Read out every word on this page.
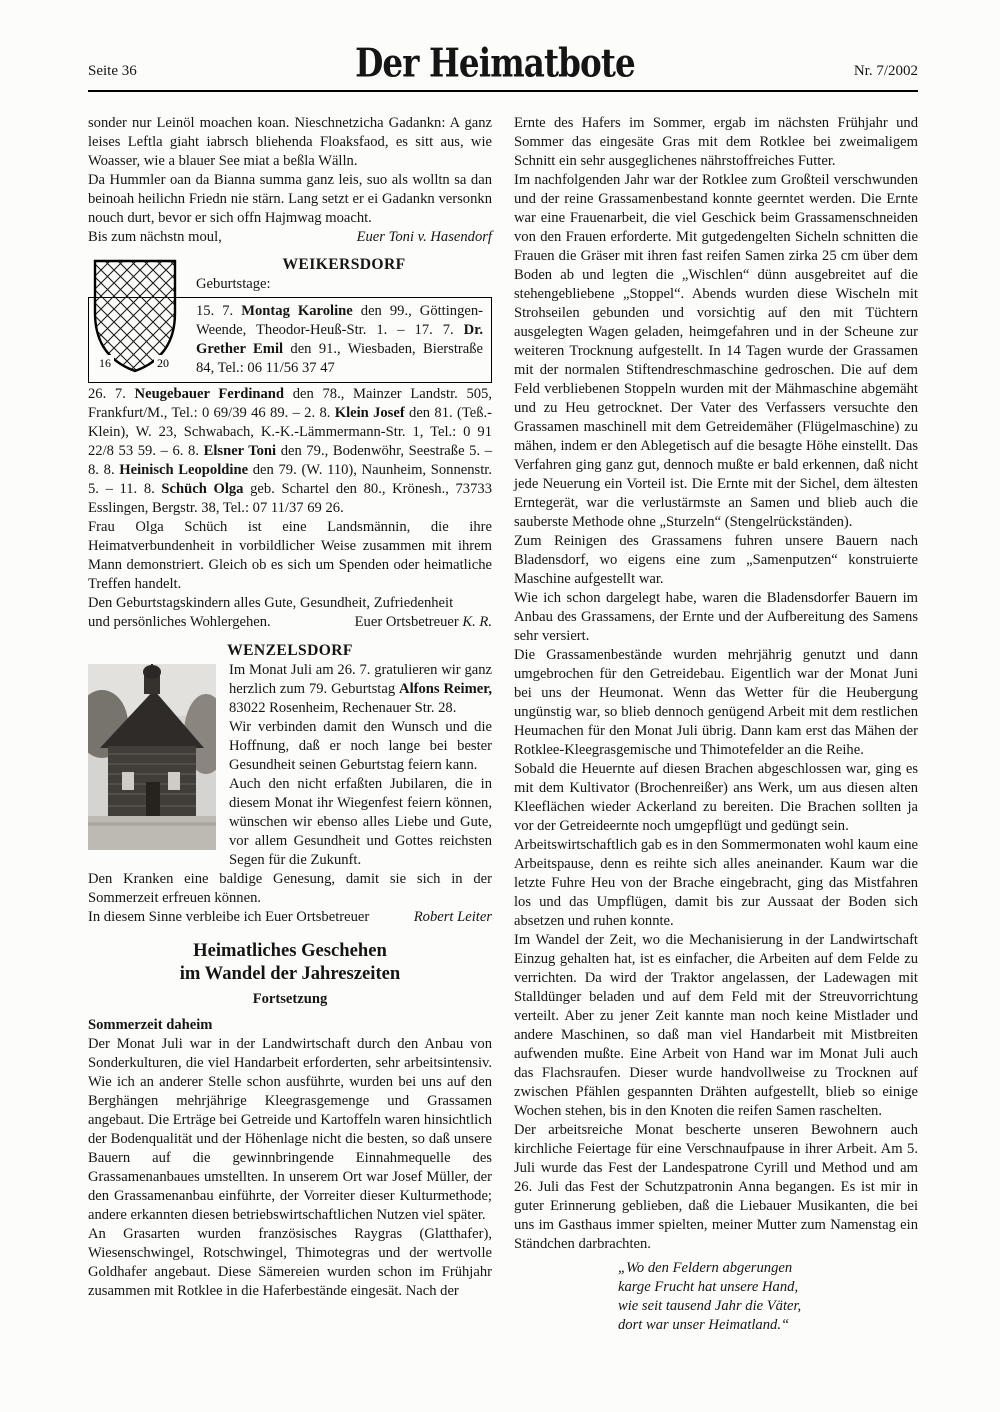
Seite 36	Der Heimatbote	Nr. 7/2002

sonder nur Leinöl moachen koan. Nieschnetzicha Gadankn: A ganz leises Leftla giaht iabrsch bliehenda Floaksfaod, es sitt aus, wie Woasser, wie a blauer See miat a beßla Wälln.

Da Hummler oan da Bianna summa ganz leis, suo als wolltn sa dan beinoah heilichn Friedn nie stärn. Lang setzt er ei Gadankn versonkn nouch durt, bevor er sich offn Hajmwag moacht.

Bis zum nächstn moul,	Euer Toni v. Hasendorf
16	20
WEIKERSDORF
Geburtstage:
15. 7. Montag Karoline den 99., Göttingen-Weende, Theodor-Heuß-Str. 1. – 17. 7. Dr. Grether Emil den 91., Wiesbaden, Bierstraße 84, Tel.: 06 11/56 37 47

26. 7. Neugebauer Ferdinand den 78., Mainzer Landstr. 505, Frankfurt/M., Tel.: 0 69/39 46 89. – 2. 8. Klein Josef den 81. (Teß.-Klein), W. 23, Schwabach, K.-K.-Lämmermann-Str. 1, Tel.: 0 91 22/8 53 59. – 6. 8. Elsner Toni den 79., Bodenwöhr, Seestraße 5. – 8. 8. Heinisch Leopoldine den 79. (W. 110), Naunheim, Sonnenstr. 5. – 11. 8. Schüch Olga geb. Schartel den 80., Krönesh., 73733 Esslingen, Bergstr. 38, Tel.: 07 11/37 69 26.

Frau Olga Schüch ist eine Landsmännin, die ihre Heimatverbundenheit in vorbildlicher Weise zusammen mit ihrem Mann demonstriert. Gleich ob es sich um Spenden oder heimatliche Treffen handelt.

Den Geburtstagskindern alles Gute, Gesundheit, Zufriedenheit

und persönliches Wohlergehen.	Euer Ortsbetreuer K. R.
WENZELSDORF

Im Monat Juli am 26. 7. gratulieren wir ganz herzlich zum 79. Geburtstag Alfons Reimer, 83022 Rosenheim, Rechenauer Str. 28.

Wir verbinden damit den Wunsch und die Hoffnung, daß er noch lange bei bester Gesundheit seinen Geburtstag feiern kann.

Auch den nicht erfaßten Jubilaren, die in diesem Monat ihr Wiegenfest feiern können, wünschen wir ebenso alles Liebe und Gute, vor allem Gesundheit und Gottes reichsten Segen für die Zukunft.

Den Kranken eine baldige Genesung, damit sie sich in der Sommerzeit erfreuen können.

In diesem Sinne verbleibe ich Euer Ortsbetreuer	Robert Leiter
Heimatliches Geschehen
im Wandel der Jahreszeiten
Fortsetzung
Sommerzeit daheim

Der Monat Juli war in der Landwirtschaft durch den Anbau von Sonderkulturen, die viel Handarbeit erforderten, sehr arbeitsintensiv. Wie ich an anderer Stelle schon ausführte, wurden bei uns auf den Berghängen mehrjährige Kleegrasgemenge und Grassamen angebaut. Die Erträge bei Getreide und Kartoffeln waren hinsichtlich der Bodenqualität und der Höhenlage nicht die besten, so daß unsere Bauern auf die gewinnbringende Einnahmequelle des Grassamenanbaues umstellten. In unserem Ort war Josef Müller, der den Grassamenanbau einführte, der Vorreiter dieser Kulturmethode; andere erkannten diesen betriebswirtschaftlichen Nutzen viel später.

An Grasarten wurden französisches Raygras (Glatthafer), Wiesenschwingel, Rotschwingel, Thimotegras und der wertvolle Goldhafer angebaut. Diese Sämereien wurden schon im Frühjahr zusammen mit Rotklee in die Haferbestände eingesät. Nach der

Ernte des Hafers im Sommer, ergab im nächsten Frühjahr und Sommer das eingesäte Gras mit dem Rotklee bei zweimaligem Schnitt ein sehr ausgeglichenes nährstoffreiches Futter.

Im nachfolgenden Jahr war der Rotklee zum Großteil verschwunden und der reine Grassamenbestand konnte geerntet werden. Die Ernte war eine Frauenarbeit, die viel Geschick beim Grassamenschneiden von den Frauen erforderte. Mit gutgedengelten Sicheln schnitten die Frauen die Gräser mit ihren fast reifen Samen zirka 25 cm über dem Boden ab und legten die „Wischlen“ dünn ausgebreitet auf die stehengebliebene „Stoppel“. Abends wurden diese Wischeln mit Strohseilen gebunden und vorsichtig auf den mit Tüchtern ausgelegten Wagen geladen, heimgefahren und in der Scheune zur weiteren Trocknung aufgestellt. In 14 Tagen wurde der Grassamen mit der normalen Stiftendreschmaschine gedroschen. Die auf dem Feld verbliebenen Stoppeln wurden mit der Mähmaschine abgemäht und zu Heu getrocknet. Der Vater des Verfassers versuchte den Grassamen maschinell mit dem Getreidemäher (Flügelmaschine) zu mähen, indem er den Ablegetisch auf die besagte Höhe einstellt. Das Verfahren ging ganz gut, dennoch mußte er bald erkennen, daß nicht jede Neuerung ein Vorteil ist. Die Ernte mit der Sichel, dem ältesten Erntegerät, war die verlustärmste an Samen und blieb auch die sauberste Methode ohne „Sturzeln“ (Stengelrückständen).

Zum Reinigen des Grassamens fuhren unsere Bauern nach Bladensdorf, wo eigens eine zum „Samenputzen“ konstruierte Maschine aufgestellt war.

Wie ich schon dargelegt habe, waren die Bladensdorfer Bauern im Anbau des Grassamens, der Ernte und der Aufbereitung des Samens sehr versiert.

Die Grassamenbestände wurden mehrjährig genutzt und dann umgebrochen für den Getreidebau. Eigentlich war der Monat Juni bei uns der Heumonat. Wenn das Wetter für die Heubergung ungünstig war, so blieb dennoch genügend Arbeit mit dem restlichen Heumachen für den Monat Juli übrig. Dann kam erst das Mähen der Rotklee-Kleegrasgemische und Thimotefelder an die Reihe.

Sobald die Heuernte auf diesen Brachen abgeschlossen war, ging es mit dem Kultivator (Brochenreißer) ans Werk, um aus diesen alten Kleeflächen wieder Ackerland zu bereiten. Die Brachen sollten ja vor der Getreideernte noch umgepflügt und gedüngt sein.

Arbeitswirtschaftlich gab es in den Sommermonaten wohl kaum eine Arbeitspause, denn es reihte sich alles aneinander. Kaum war die letzte Fuhre Heu von der Brache eingebracht, ging das Mistfahren los und das Umpflügen, damit bis zur Aussaat der Boden sich absetzen und ruhen konnte.

Im Wandel der Zeit, wo die Mechanisierung in der Landwirtschaft Einzug gehalten hat, ist es einfacher, die Arbeiten auf dem Felde zu verrichten. Da wird der Traktor angelassen, der Ladewagen mit Stalldünger beladen und auf dem Feld mit der Streuvorrichtung verteilt. Aber zu jener Zeit kannte man noch keine Mistlader und andere Maschinen, so daß man viel Handarbeit mit Mistbreiten aufwenden mußte. Eine Arbeit von Hand war im Monat Juli auch das Flachsraufen. Dieser wurde handvollweise zu Trocknen auf zwischen Pfählen gespannten Drähten aufgestellt, blieb so einige Wochen stehen, bis in den Knoten die reifen Samen raschelten.

Der arbeitsreiche Monat bescherte unseren Bewohnern auch kirchliche Feiertage für eine Verschnaufpause in ihrer Arbeit. Am 5. Juli wurde das Fest der Landespatrone Cyrill und Method und am 26. Juli das Fest der Schutzpatronin Anna begangen. Es ist mir in guter Erinnerung geblieben, daß die Liebauer Musikanten, die bei uns im Gasthaus immer spielten, meiner Mutter zum Namenstag ein Ständchen darbrachten.

„Wo den Feldern abgerungen

karge Frucht hat unsere Hand,

wie seit tausend Jahr die Väter,

dort war unser Heimatland.“
